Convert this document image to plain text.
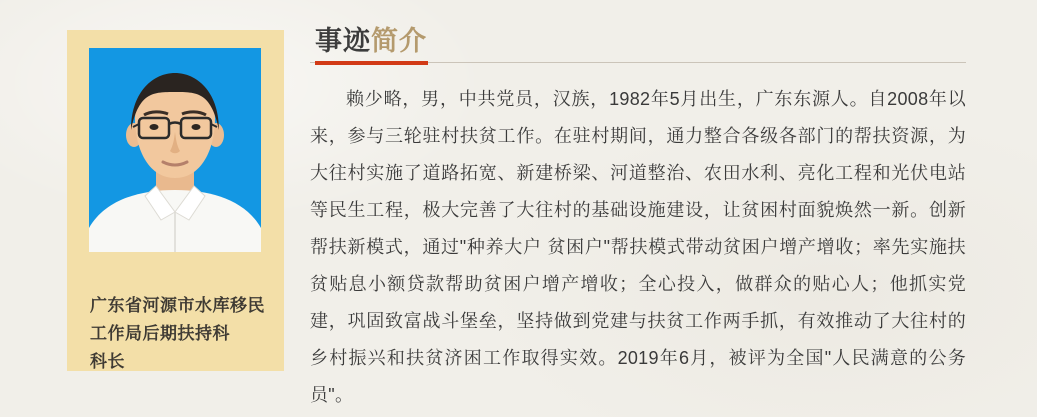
广东省河源市水库移民
工作局后期扶持科
科长
事迹简介

赖少略，男，中共党员，汉族，1982年5月出生，广东东源人。自2008年以来，参与三轮驻村扶贫工作。在驻村期间，通力整合各级各部门的帮扶资源，为大往村实施了道路拓宽、新建桥梁、河道整治、农田水利、亮化工程和光伏电站等民生工程，极大完善了大往村的基础设施建设，让贫困村面貌焕然一新。创新帮扶新模式，通过"种养大户 贫困户"帮扶模式带动贫困户增产增收；率先实施扶贫贴息小额贷款帮助贫困户增产增收；全心投入，做群众的贴心人；他抓实党建，巩固致富战斗堡垒，坚持做到党建与扶贫工作两手抓，有效推动了大往村的乡村振兴和扶贫济困工作取得实效。2019年6月，被评为全国"人民满意的公务员"。
